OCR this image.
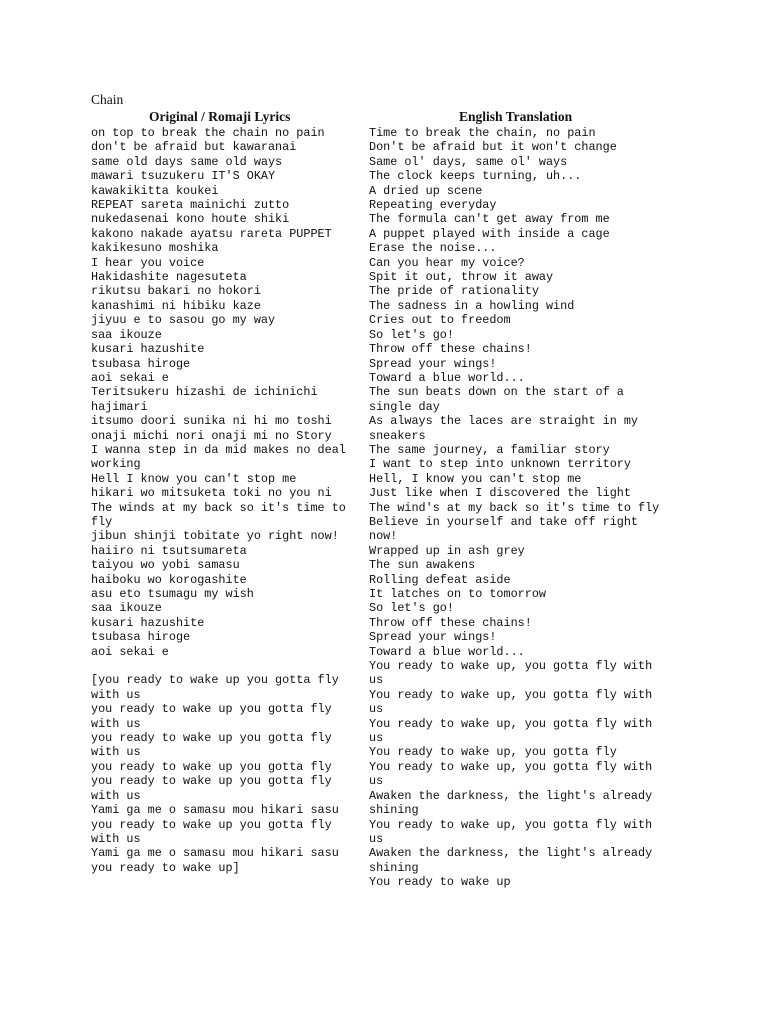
Chain
Original / Romaji Lyrics	English Translation
on top to break the chain no pain
don't be afraid but kawaranai
same old days same old ways
mawari tsuzukeru IT'S OKAY
kawakikitta koukei
REPEAT sareta mainichi zutto
nukedasenai kono houte shiki
kakono nakade ayatsu rareta PUPPET
kakikesuno moshika
I hear you voice
Hakidashite nagesuteta
rikutsu bakari no hokori
kanashimi ni hibiku kaze
jiyuu e to sasou go my way
saa ikouze
kusari hazushite
tsubasa hiroge
aoi sekai e
Teritsukeru hizashi de ichinichi
hajimari
itsumo doori sunika ni hi mo toshi
onaji michi nori onaji mi no Story
I wanna step in da mid makes no deal
working
Hell I know you can't stop me
hikari wo mitsuketa toki no you ni
The winds at my back so it's time to
fly
jibun shinji tobitate yo right now!
haiiro ni tsutsumareta
taiyou wo yobi samasu
haiboku wo korogashite
asu eto tsumagu my wish
saa ikouze
kusari hazushite
tsubasa hiroge
aoi sekai e

[you ready to wake up you gotta fly
with us
you ready to wake up you gotta fly
with us
you ready to wake up you gotta fly
with us
you ready to wake up you gotta fly
you ready to wake up you gotta fly
with us
Yami ga me o samasu mou hikari sasu
you ready to wake up you gotta fly
with us
Yami ga me o samasu mou hikari sasu
you ready to wake up]
Time to break the chain, no pain
Don't be afraid but it won't change
Same ol' days, same ol' ways
The clock keeps turning, uh...
A dried up scene
Repeating everyday
The formula can't get away from me
A puppet played with inside a cage
Erase the noise...
Can you hear my voice?
Spit it out, throw it away
The pride of rationality
The sadness in a howling wind
Cries out to freedom
So let's go!
Throw off these chains!
Spread your wings!
Toward a blue world...
The sun beats down on the start of a
single day
As always the laces are straight in my
sneakers
The same journey, a familiar story
I want to step into unknown territory
Hell, I know you can't stop me
Just like when I discovered the light
The wind's at my back so it's time to fly
Believe in yourself and take off right
now!
Wrapped up in ash grey
The sun awakens
Rolling defeat aside
It latches on to tomorrow
So let's go!
Throw off these chains!
Spread your wings!
Toward a blue world...
You ready to wake up, you gotta fly with
us
You ready to wake up, you gotta fly with
us
You ready to wake up, you gotta fly with
us
You ready to wake up, you gotta fly
You ready to wake up, you gotta fly with
us
Awaken the darkness, the light's already
shining
You ready to wake up, you gotta fly with
us
Awaken the darkness, the light's already
shining
You ready to wake up
